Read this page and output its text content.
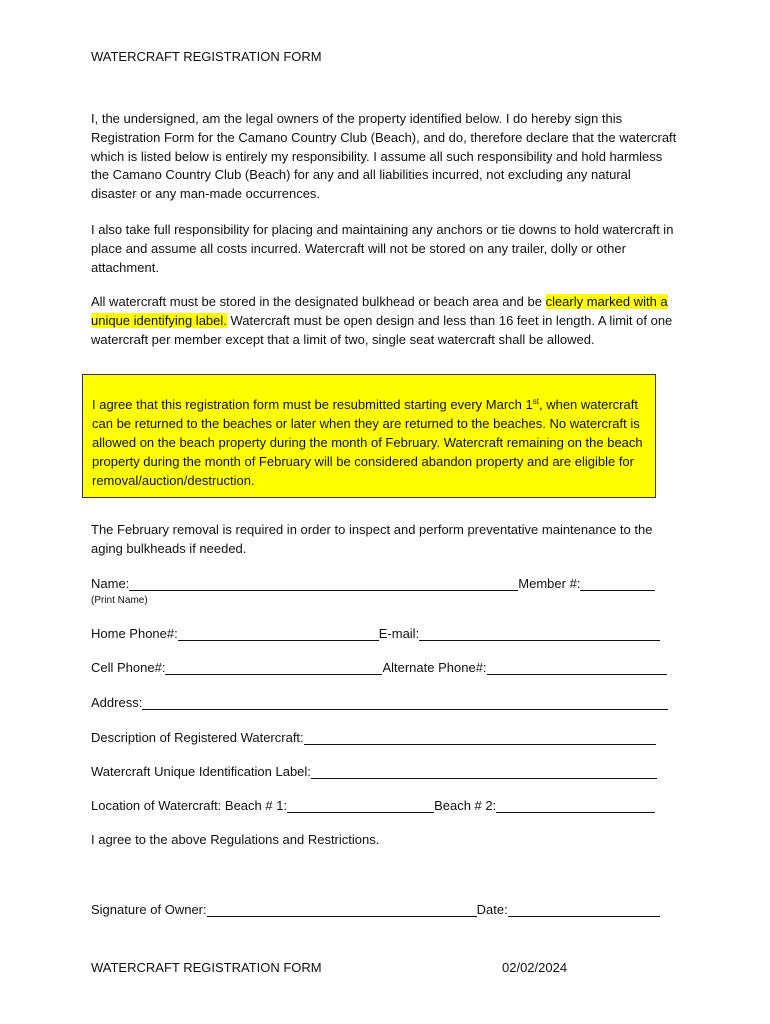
WATERCRAFT REGISTRATION FORM

I, the undersigned, am the legal owners of the property identified below. I do hereby sign this Registration Form for the Camano Country Club (Beach), and do, therefore declare that the watercraft which is listed below is entirely my responsibility. I assume all such responsibility and hold harmless the Camano Country Club (Beach) for any and all liabilities incurred, not excluding any natural disaster or any man-made occurrences.

I also take full responsibility for placing and maintaining any anchors or tie downs to hold watercraft in place and assume all costs incurred. Watercraft will not be stored on any trailer, dolly or other attachment.

All watercraft must be stored in the designated bulkhead or beach area and be clearly marked with a unique identifying label. Watercraft must be open design and less than 16 feet in length. A limit of one watercraft per member except that a limit of two, single seat watercraft shall be allowed.

I agree that this registration form must be resubmitted starting every March 1st, when watercraft can be returned to the beaches or later when they are returned to the beaches. No watercraft is allowed on the beach property during the month of February. Watercraft remaining on the beach property during the month of February will be considered abandon property and are eligible for removal/auction/destruction.

The February removal is required in order to inspect and perform preventative maintenance to the aging bulkheads if needed.

Name:	Member #:
(Print Name)
Home Phone#:	E-mail:
Cell Phone#:	Alternate Phone#:
Address:
Description of Registered Watercraft:
Watercraft Unique Identification Label:
Location of Watercraft: Beach # 1:	Beach # 2:
I agree to the above Regulations and Restrictions.
Signature of Owner:	Date:
WATERCRAFT REGISTRATION FORM	02/02/2024
